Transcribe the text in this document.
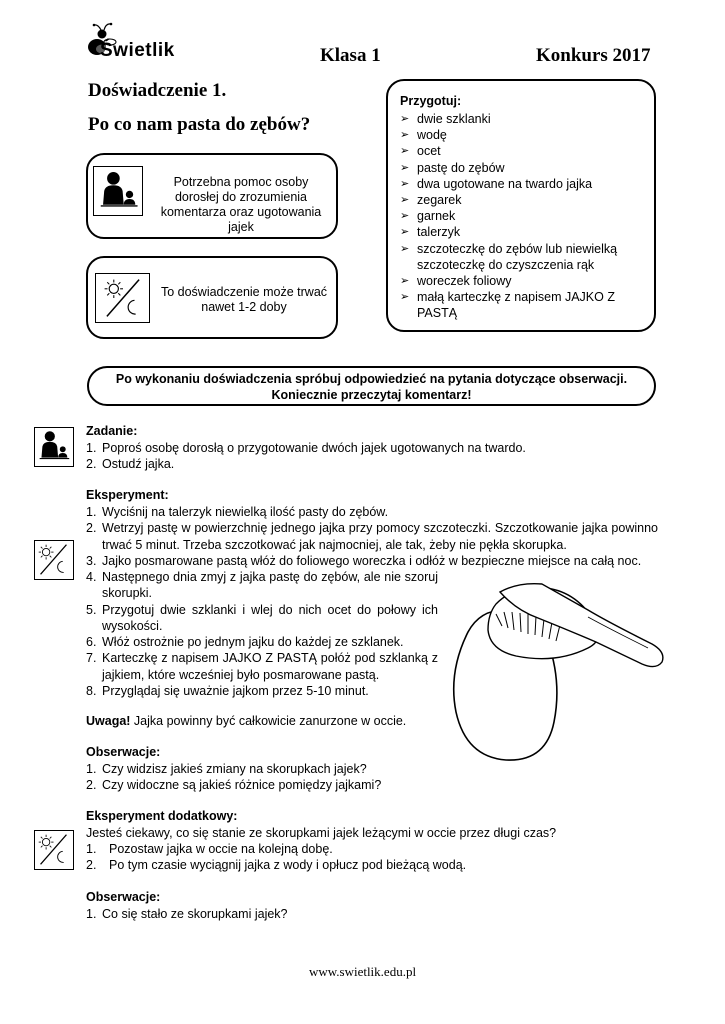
Świetlik	Klasa 1	Konkurs 2017
Doświadczenie 1.
Po co nam pasta do zębów?
Potrzebna pomoc osoby dorosłej do zrozumienia komentarza oraz ugotowania jajek
To doświadczenie może trwać nawet 1-2 doby
Przygotuj:
➢ dwie szklanki
➢ wodę
➢ ocet
➢ pastę do zębów
➢ dwa ugotowane na twardo jajka
➢ zegarek
➢ garnek
➢ talerzyk
➢ szczoteczkę do zębów lub niewielką szczoteczkę do czyszczenia rąk
➢ woreczek foliowy
➢ małą karteczkę z napisem JAJKO Z PASTĄ
Po wykonaniu doświadczenia spróbuj odpowiedzieć na pytania dotyczące obserwacji.
Koniecznie przeczytaj komentarz!
Zadanie:
1. Poproś osobę dorosłą o przygotowanie dwóch jajek ugotowanych na twardo.
2. Ostudź jajka.
Eksperyment:
1. Wyciśnij na talerzyk niewielką ilość pasty do zębów.
2. Wetrzyj pastę w powierzchnię jednego jajka przy pomocy szczoteczki. Szczotkowanie jajka powinno trwać 5 minut. Trzeba szczotkować jak najmocniej, ale tak, żeby nie pękła skorupka.
3. Jajko posmarowane pastą włóż do foliowego woreczka i odłóż w bezpieczne miejsce na całą noc.
4. Następnego dnia zmyj z jajka pastę do zębów, ale nie szoruj skorupki.
5. Przygotuj dwie szklanki i wlej do nich ocet do połowy ich wysokości.
6. Włóż ostrożnie po jednym jajku do każdej ze szklanek.
7. Karteczkę z napisem JAJKO Z PASTĄ połóż pod szklanką z jajkiem, które wcześniej było posmarowane pastą.
8. Przyglądaj się uważnie jajkom przez 5-10 minut.
Uwaga! Jajka powinny być całkowicie zanurzone w occie.
Obserwacje:
1. Czy widzisz jakieś zmiany na skorupkach jajek?
2. Czy widoczne są jakieś różnice pomiędzy jajkami?
Eksperyment dodatkowy:
Jesteś ciekawy, co się stanie ze skorupkami jajek leżącymi w occie przez długi czas?
1. Pozostaw jajka w occie na kolejną dobę.
2. Po tym czasie wyciągnij jajka z wody i opłucz pod bieżącą wodą.
Obserwacje:
1. Co się stało ze skorupkami jajek?
www.swietlik.edu.pl
